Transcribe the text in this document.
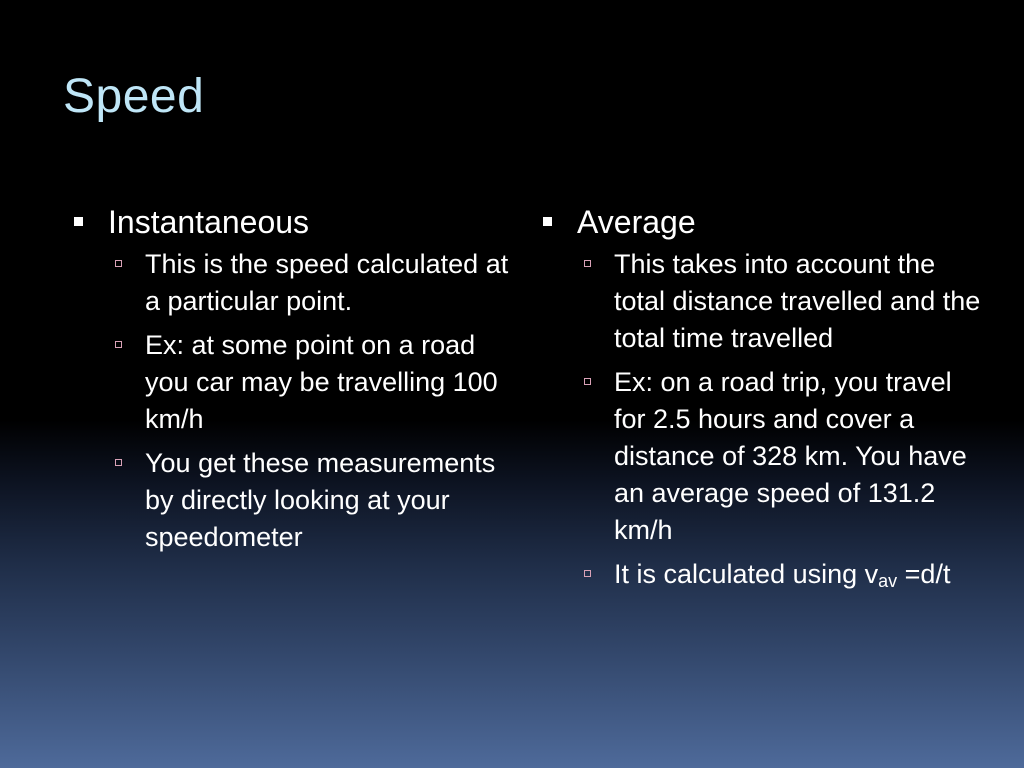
Speed
Instantaneous
This is the speed calculated at a particular point.
Ex: at some point on a road you car may be travelling 100 km/h
You get these measurements by directly looking at your speedometer
Average
This takes into account the total distance travelled and the total time travelled
Ex: on a road trip, you travel for 2.5 hours and cover a distance of 328 km. You have an average speed of 131.2 km/h
It is calculated using $v_{av} =d/t$
